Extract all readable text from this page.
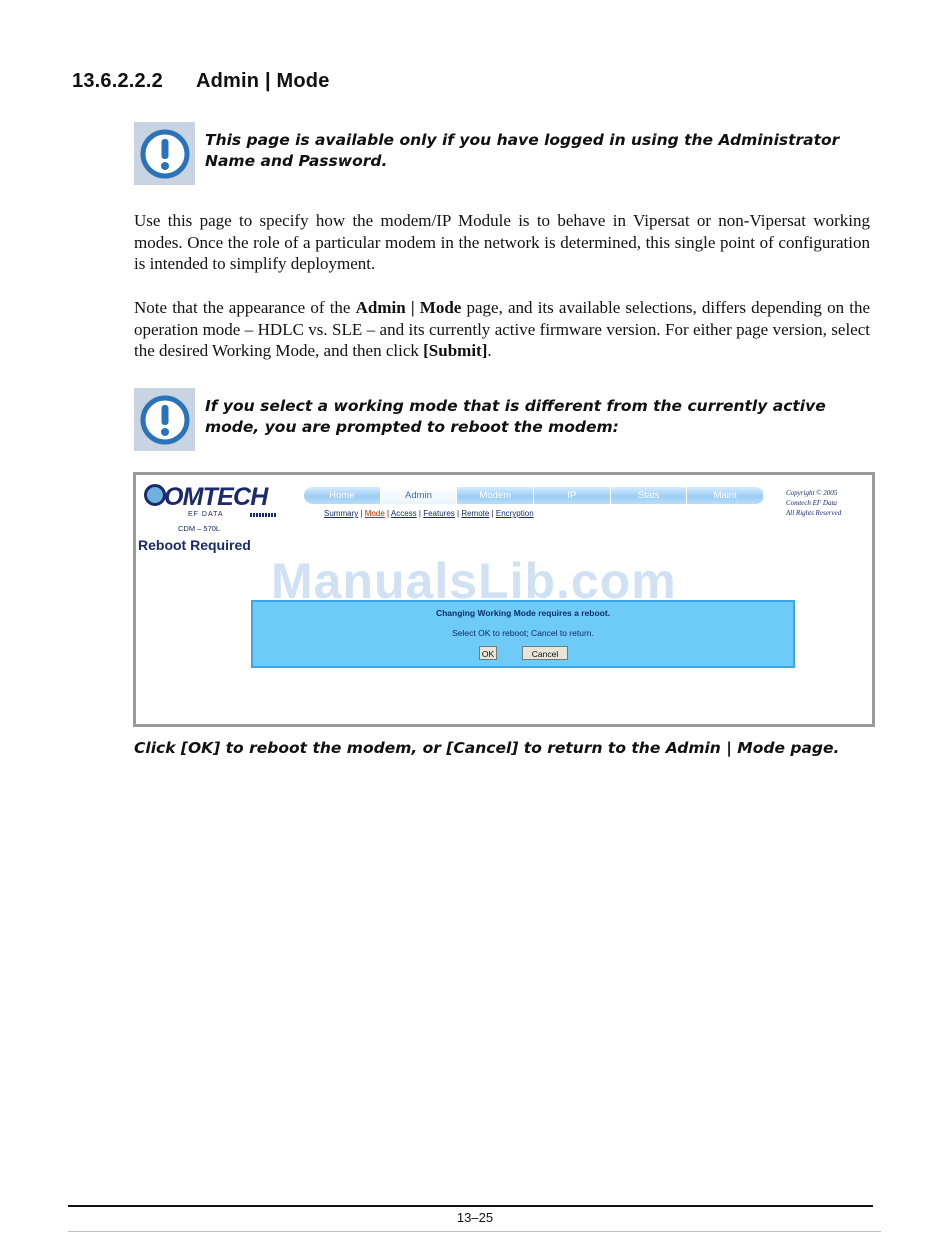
13.6.2.2.2 Admin | Mode
This page is available only if you have logged in using the Administrator Name and Password.
Use this page to specify how the modem/IP Module is to behave in Vipersat or non-Vipersat working modes. Once the role of a particular modem in the network is determined, this single point of configuration is intended to simplify deployment.
Note that the appearance of the Admin | Mode page, and its available selections, differs depending on the operation mode – HDLC vs. SLE – and its currently active firmware version. For either page version, select the desired Working Mode, and then click [Submit].
If you select a working mode that is different from the currently active mode, you are prompted to reboot the modem:
OMTECH
EF DATA
CDM – 570L
Home	Admin	Modem	IP	Stats	Maint
Summary | Mode | Access | Features | Remote | Encryption
Copyright © 2005
Comtech EF Data
All Rights Reserved
Reboot Required
Changing Working Mode requires a reboot.
Select OK to reboot; Cancel to return.
OK	Cancel
ManualsLib.com
Click [OK] to reboot the modem, or [Cancel] to return to the Admin | Mode page.
13–25
